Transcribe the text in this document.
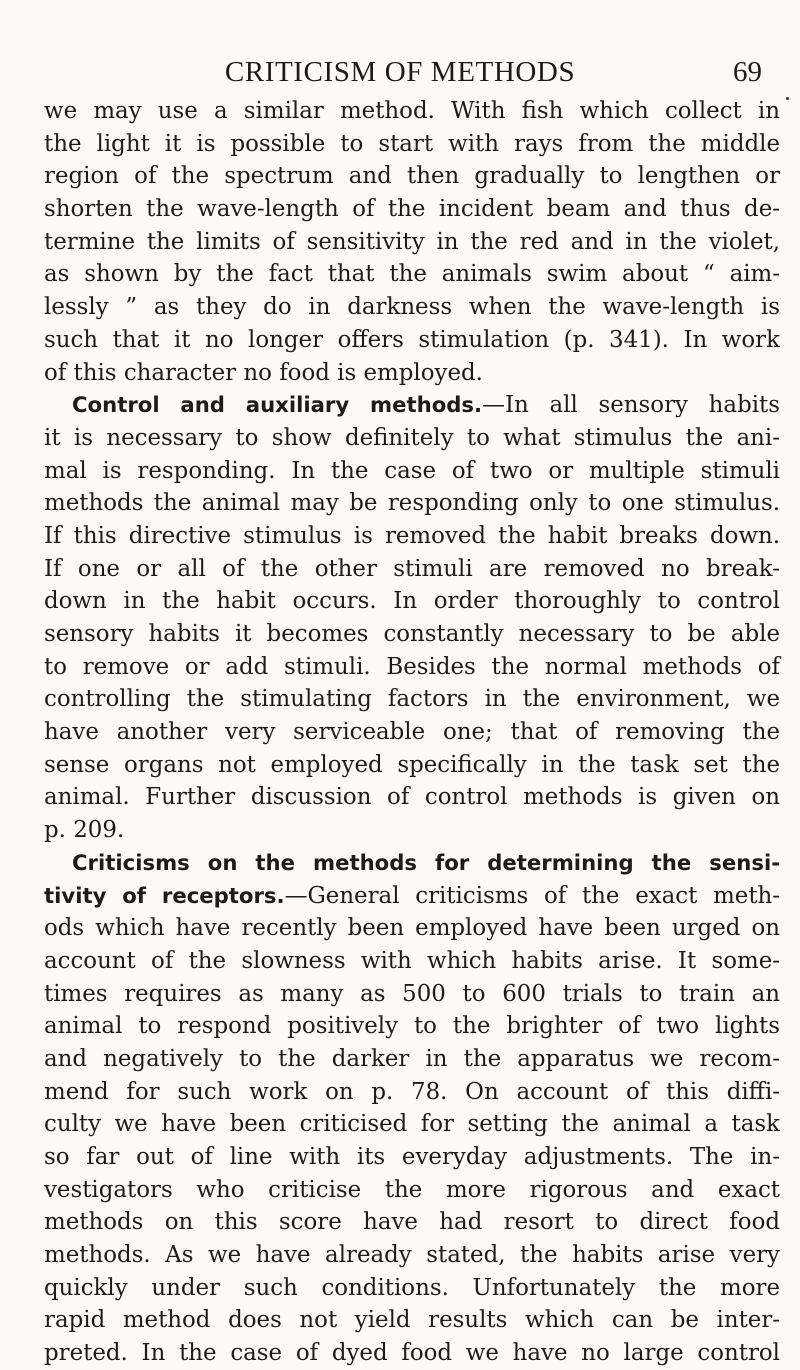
CRITICISM OF METHODS	69
we may use a similar method. With fish which collect in
the light it is possible to start with rays from the middle
region of the spectrum and then gradually to lengthen or
shorten the wave-length of the incident beam and thus de-
termine the limits of sensitivity in the red and in the violet,
as shown by the fact that the animals swim about “ aim-
lessly ” as they do in darkness when the wave-length is
such that it no longer offers stimulation (p. 341). In work
of this character no food is employed.
Control and auxiliary methods.—In all sensory habits
it is necessary to show definitely to what stimulus the ani-
mal is responding. In the case of two or multiple stimuli
methods the animal may be responding only to one stimulus.
If this directive stimulus is removed the habit breaks down.
If one or all of the other stimuli are removed no break-
down in the habit occurs. In order thoroughly to control
sensory habits it becomes constantly necessary to be able
to remove or add stimuli. Besides the normal methods of
controlling the stimulating factors in the environment, we
have another very serviceable one; that of removing the
sense organs not employed specifically in the task set the
animal. Further discussion of control methods is given on
p. 209.
Criticisms on the methods for determining the sensi-
tivity of receptors.—General criticisms of the exact meth-
ods which have recently been employed have been urged on
account of the slowness with which habits arise. It some-
times requires as many as 500 to 600 trials to train an
animal to respond positively to the brighter of two lights
and negatively to the darker in the apparatus we recom-
mend for such work on p. 78. On account of this diffi-
culty we have been criticised for setting the animal a task
so far out of line with its everyday adjustments. The in-
vestigators who criticise the more rigorous and exact
methods on this score have had resort to direct food
methods. As we have already stated, the habits arise very
quickly under such conditions. Unfortunately the more
rapid method does not yield results which can be inter-
preted. In the case of dyed food we have no large control
